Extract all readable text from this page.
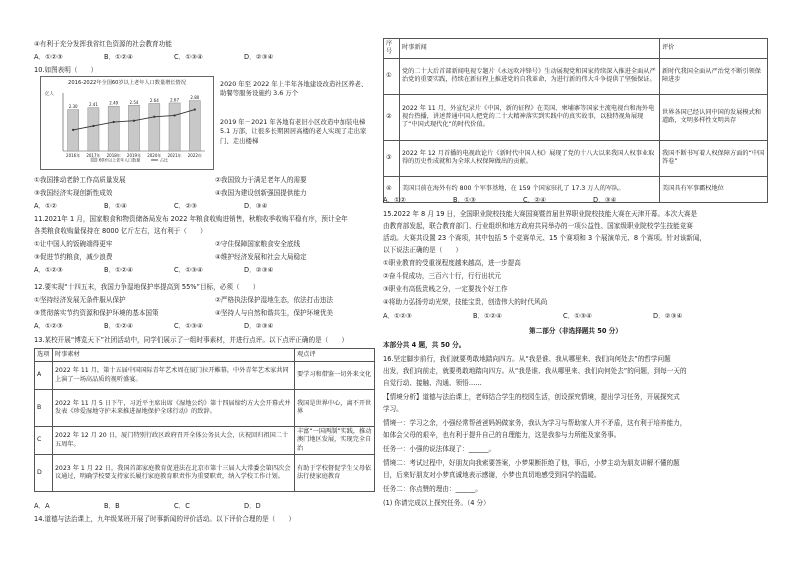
④有利于充分发挥我省红色资源的社会教育功能
A．①②③	B．①②④	C．①③④	D．②③④
10.如图表明（　　）
亿人
2.30
2016年
2.41
2017年
2.49
2018年
2.54
2019年
2.64
2020年
2.67
2021年
2.80
2022年
60岁以上老年人口数量	占比
2016-2022年全国60岁以上老年人口数量增长情况	2020 年至 2022 年上半年各地建设改造社区养老、助餐等服务设施约 3.6 万个
2019 年－2021 年各地有老旧小区改造中加装电梯 5.1 万部，让很多长期困居高楼的老人实现了走出家门、走出楼梯
①我国推动老龄工作高质量发展	②我国致力于满足老年人的需要
③我国经济实现创新性成效	④我国为建设创新强国提供能力
A．①②	B．①④	C．②③	D．③④
11.2021年 1 月，国家粮食和物资储备局发布 2022 年粮食收购进销售，秋粮收季收购平稳有序，预计全年
各类粮食收购量保持在 8000 亿斤左右，这有利于（　　）
①让中国人的饭碗端得更牢	②守住保障国家粮食安全底线
③促进节约粮食，减少浪费	④维护经济发展和社会大局稳定
A．①②③	B．①②④	C．①③④	D．②③④
12.要实现“十四五末，我国力争湿地保护率提高到 55%”目标，必须（　　）
①坚持经济发展无条件服从保护	②严格执法保护湿地生态，依法打击违法
③贯彻落实节约资源和保护环境的基本国策	④坚持人与自然和谐共生，保护环境优美
A．①②③	B．①②④	C．①③④	D．②③④
13.某校开展“博览天下”社团活动中，同学们展示了一组时事素材，并进行点评。以下点评正确的是（　　）
选项	时事素材	观点评
A	2022 年 11 月，第十五届中国国际青年艺术周在厦门拉开帷幕，中外青年艺术家共同上演了一场高品质的视听盛宴。	要学习和借鉴一切外来文化
B	2022 年 11 月 5 日下午，习近平主席出席《湿地公约》第十四届缔约方大会开幕式并发表《珍爱湿地守护未来推进湿地保护全球行动》的致辞。	我国是世界中心，离不开世界
C	2022 年 12 月 20 日，厦门特别行政区政府召开全体公务员大会，庆祝回归祖国二十五周年。	丰富“一国两制”实践，推动澳门地区发展，实现完全自治
D	2023 年 1 月 22 日，我国首部家庭教育促进法在北京市第十三届人大常委会第四次会议通过，明确学校要支持家长履行家庭教育职责作为重要职责，纳入学校工作计划。	有助于学校督促学生父母依法行使家庭教育
A．A	B．B	C．C	D．D
14.道德与法治课上，九年级某班开展了时事新闻的评价活动。以下评价合理的是（　　）
序号	时事新闻	评价
①	党的二十大后首部新闻电视专题片《永远吹冲锋号》生动展现党和国家持续深入推进全面从严治党的重要实践，持续在新征程上推进党的自我革命，为进行新的伟大斗争提供了坚强保证。	新时代我国全面从严治党不断引领保障进步
②	2022 年 11 月，外宣纪录片《中国，新的征程》在美国、柬埔寨等国家主流电视台和海外电视台热播，讲述普通中国人把党的二十大精神落实到实践中的真实故事，以独特视角展现了“中国式现代化”的时代价值。	世界各国已经认同中国的发展模式和道路，文明多样性文明共存
③	2022 年 12 月首播的电视政论片《新时代中国人权》展现了党的十八大以来我国人权事业取得的历史性成就和为全球人权保障做出的贡献。	我国不断书写着人权保障方面的“中国答卷”
④	美国目前在海外有约 800 个军事基地，在 159 个国家驻扎了 17.3 万人的军队。	美国具有军事霸权地位
A．①②	B．①③	C．②④	D．③④
15.2022 年 8 月 19 日，全国职业院校技能大赛国赛暨首届世界职业院校技能大赛在天津开幕。本次大赛是
由教育部发起，联合教育部门、行业组织和地方政府共同举办的一项公益性、国家级职业院校学生技能竞赛
活动。大赛共设置 23 个赛项，其中包括 5 个竞赛单元、15 个赛项和 3 个展演单元、8 个赛项。针对该新闻，
以下说法正确的是（　　）
①职业教育的受重视程度越来越高，进一步提高
②奋斗促成功，三百六十行，行行出状元
③职业有高低贵贱之分，一定要找个好工作
④将助力弘扬劳动光荣，技能宝贵，创造伟大的时代风尚
A．①②③	B．①②④	C．①③④	D．②③④
第二部分（非选择题共 50 分）
本部分共 4 题，共 50 分。
16.坚定脚步前行，我们就要勇敢地踏向四方。从“我是谁、我从哪里来、我们向何处去”的哲学问题
出发，我们向前走，就要勇敢地踏向四方。从“我是谁、我从哪里来、我们向何处去”的问题，到每一天的
自觉行动、接触、沟通、领悟……
【情境分析】道德与法治课上，老师结合学生的校园生活，创设探究情境，提出学习任务，开展探究式
学习。
情境一：学习之余，小强经常帮爸爸妈妈做家务，我认为学习与帮助家人并不矛盾，这有利于培养能力，
如体会父母的艰辛，也有利于提升自己的自理能力，这是我参与力所能及家务事。
任务一：小强的说法体现了：______。
情境二：考试过程中，好朋友向我索要答案，小梦果断拒绝了他，事后，小梦主动为朋友讲解不懂的题
目，后来好朋友对小梦真诚地表示感谢，小梦也真切地感受到同学的温暖。
任务二：你点赞的理由：______。
(1) 你请完成以上探究任务。（4 分）
